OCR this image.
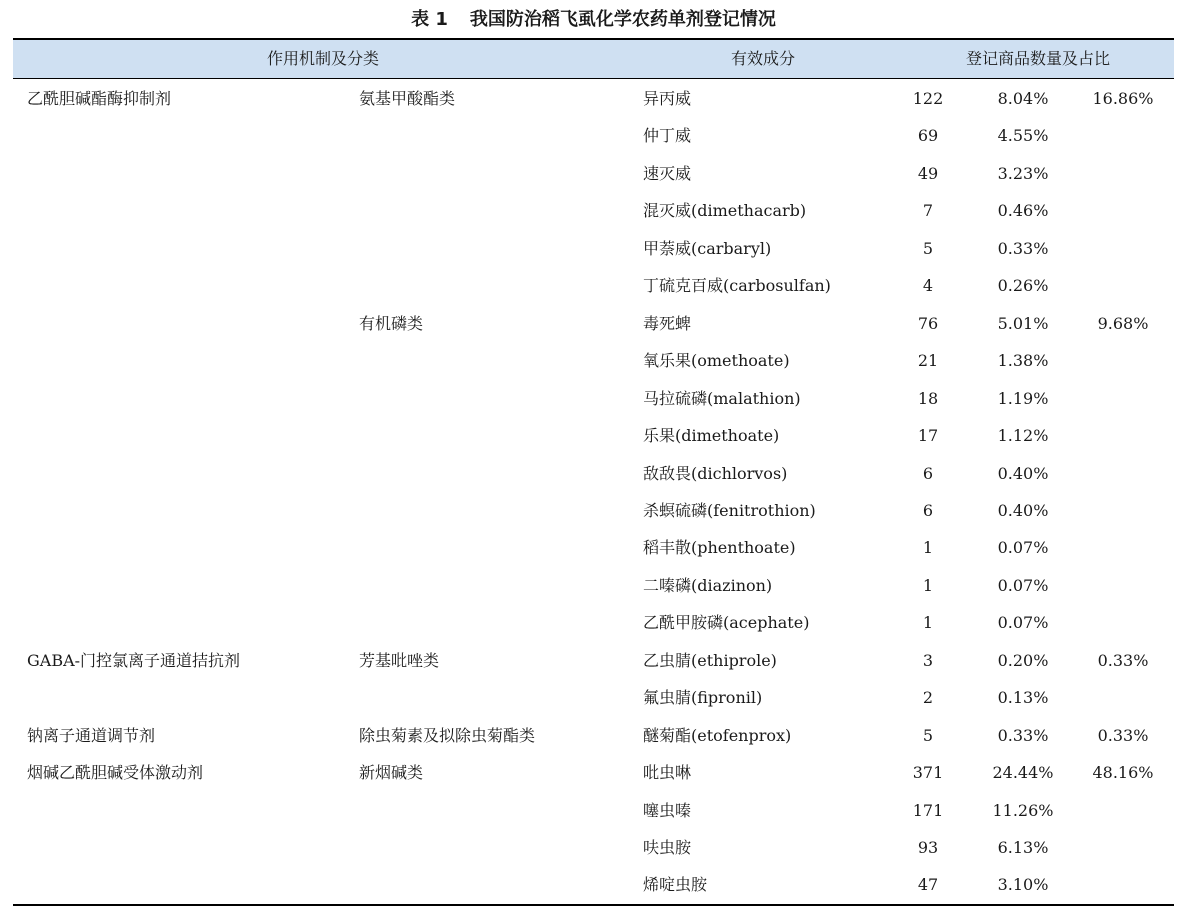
表 1 我国防治稻飞虱化学农药单剂登记情况
作用机制及分类	有效成分	登记商品数量及占比
乙酰胆碱酯酶抑制剂	氨基甲酸酯类	异丙威	122	8.04%	16.86%
仲丁威	69	4.55%
速灭威	49	3.23%
混灭威(dimethacarb)	7	0.46%
甲萘威(carbaryl)	5	0.33%
丁硫克百威(carbosulfan)	4	0.26%
有机磷类	毒死蜱	76	5.01%	9.68%
氧乐果(omethoate)	21	1.38%
马拉硫磷(malathion)	18	1.19%
乐果(dimethoate)	17	1.12%
敌敌畏(dichlorvos)	6	0.40%
杀螟硫磷(fenitrothion)	6	0.40%
稻丰散(phenthoate)	1	0.07%
二嗪磷(diazinon)	1	0.07%
乙酰甲胺磷(acephate)	1	0.07%
GABA-门控氯离子通道拮抗剂	芳基吡唑类	乙虫腈(ethiprole)	3	0.20%	0.33%
氟虫腈(fipronil)	2	0.13%
钠离子通道调节剂	除虫菊素及拟除虫菊酯类	醚菊酯(etofenprox)	5	0.33%	0.33%
烟碱乙酰胆碱受体激动剂	新烟碱类	吡虫啉	371	24.44%	48.16%
噻虫嗪	171	11.26%
呋虫胺	93	6.13%
烯啶虫胺	47	3.10%
